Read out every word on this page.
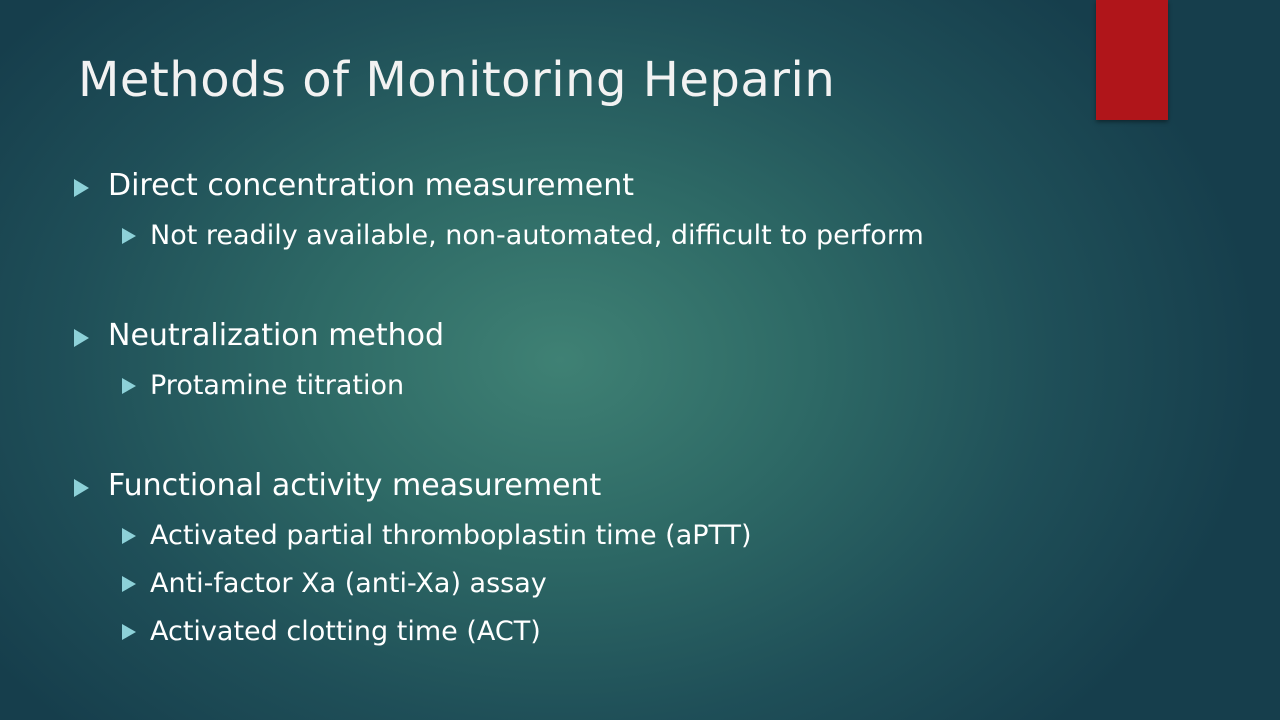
Methods of Monitoring Heparin
Direct concentration measurement
Not readily available, non-automated, difficult to perform
Neutralization method
Protamine titration
Functional activity measurement
Activated partial thromboplastin time (aPTT)
Anti-factor Xa (anti-Xa) assay
Activated clotting time (ACT)
